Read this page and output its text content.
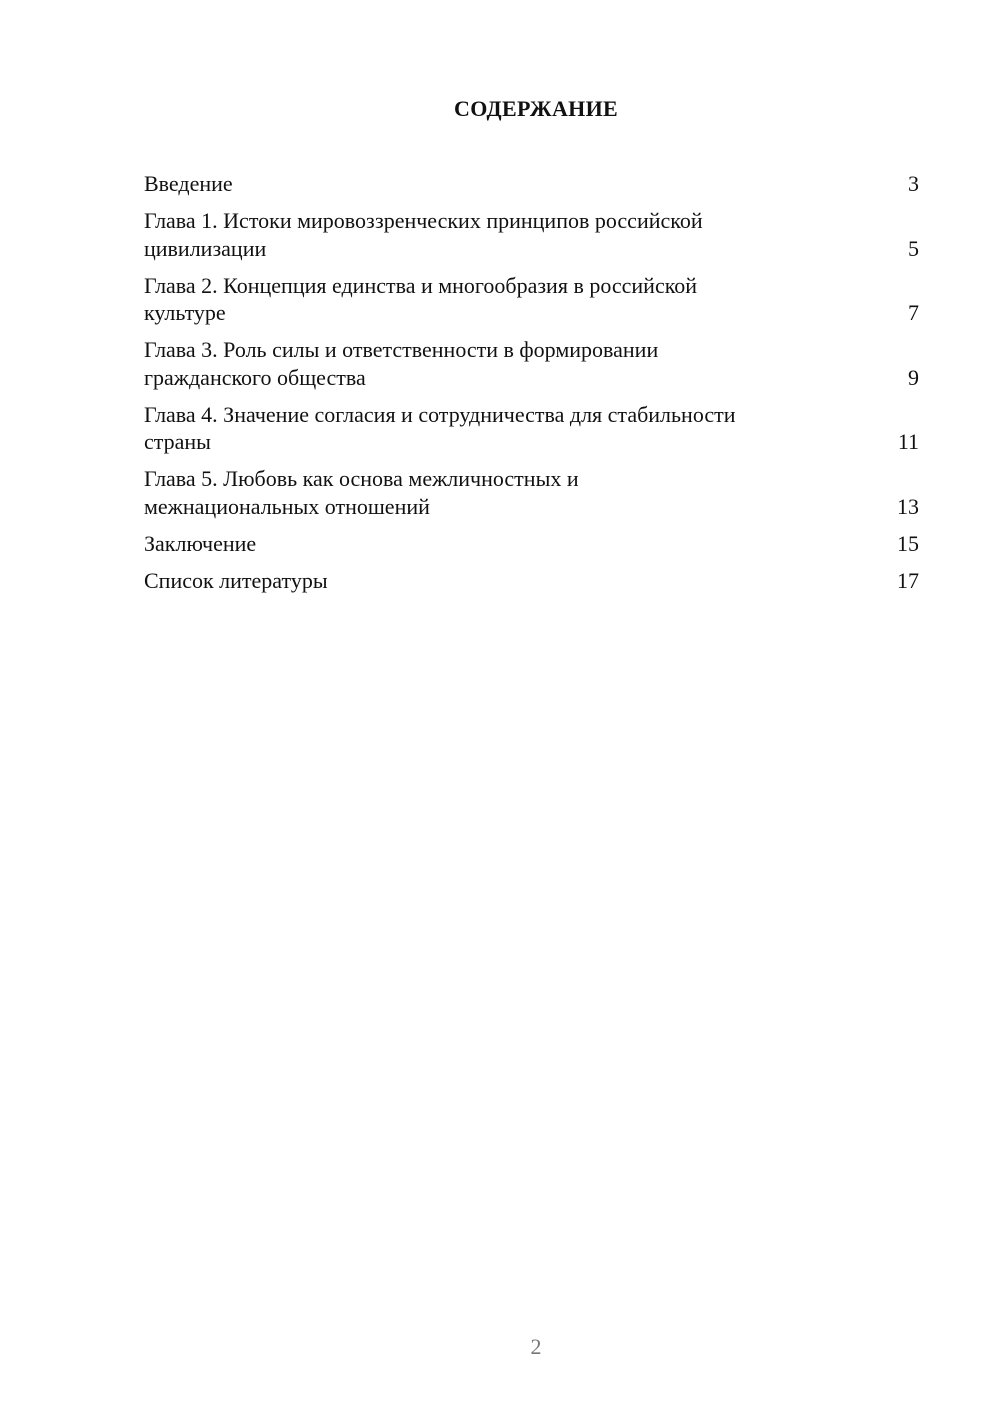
СОДЕРЖАНИЕ
Введение	3
Глава 1. Истоки мировоззренческих принципов российской
цивилизации	5
Глава 2. Концепция единства и многообразия в российской
культуре	7
Глава 3. Роль силы и ответственности в формировании
гражданского общества	9
Глава 4. Значение согласия и сотрудничества для стабильности
страны	11
Глава 5. Любовь как основа межличностных и
межнациональных отношений	13
Заключение	15
Список литературы	17
2
